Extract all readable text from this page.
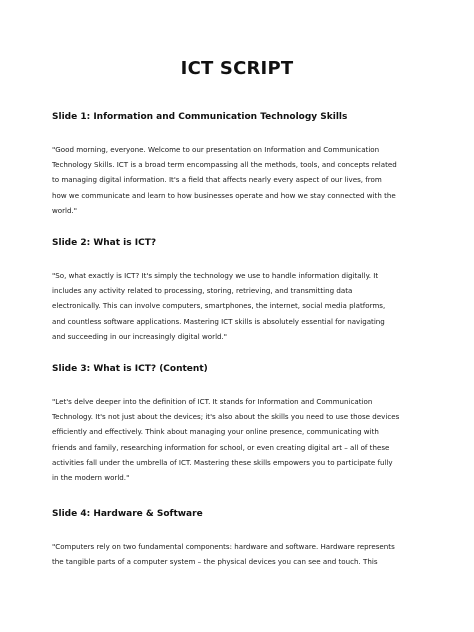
ICT SCRIPT
Slide 1: Information and Communication Technology Skills

"Good morning, everyone. Welcome to our presentation on Information and Communication
Technology Skills. ICT is a broad term encompassing all the methods, tools, and concepts related
to managing digital information. It's a field that affects nearly every aspect of our lives, from
how we communicate and learn to how businesses operate and how we stay connected with the
world."

Slide 2: What is ICT?

"So, what exactly is ICT? It's simply the technology we use to handle information digitally. It
includes any activity related to processing, storing, retrieving, and transmitting data
electronically. This can involve computers, smartphones, the internet, social media platforms,
and countless software applications. Mastering ICT skills is absolutely essential for navigating
and succeeding in our increasingly digital world."

Slide 3: What is ICT? (Content)

"Let's delve deeper into the definition of ICT. It stands for Information and Communication
Technology. It's not just about the devices; it's also about the skills you need to use those devices
efficiently and effectively. Think about managing your online presence, communicating with
friends and family, researching information for school, or even creating digital art – all of these
activities fall under the umbrella of ICT. Mastering these skills empowers you to participate fully
in the modern world."

Slide 4: Hardware & Software

"Computers rely on two fundamental components: hardware and software. Hardware represents
the tangible parts of a computer system – the physical devices you can see and touch. This
